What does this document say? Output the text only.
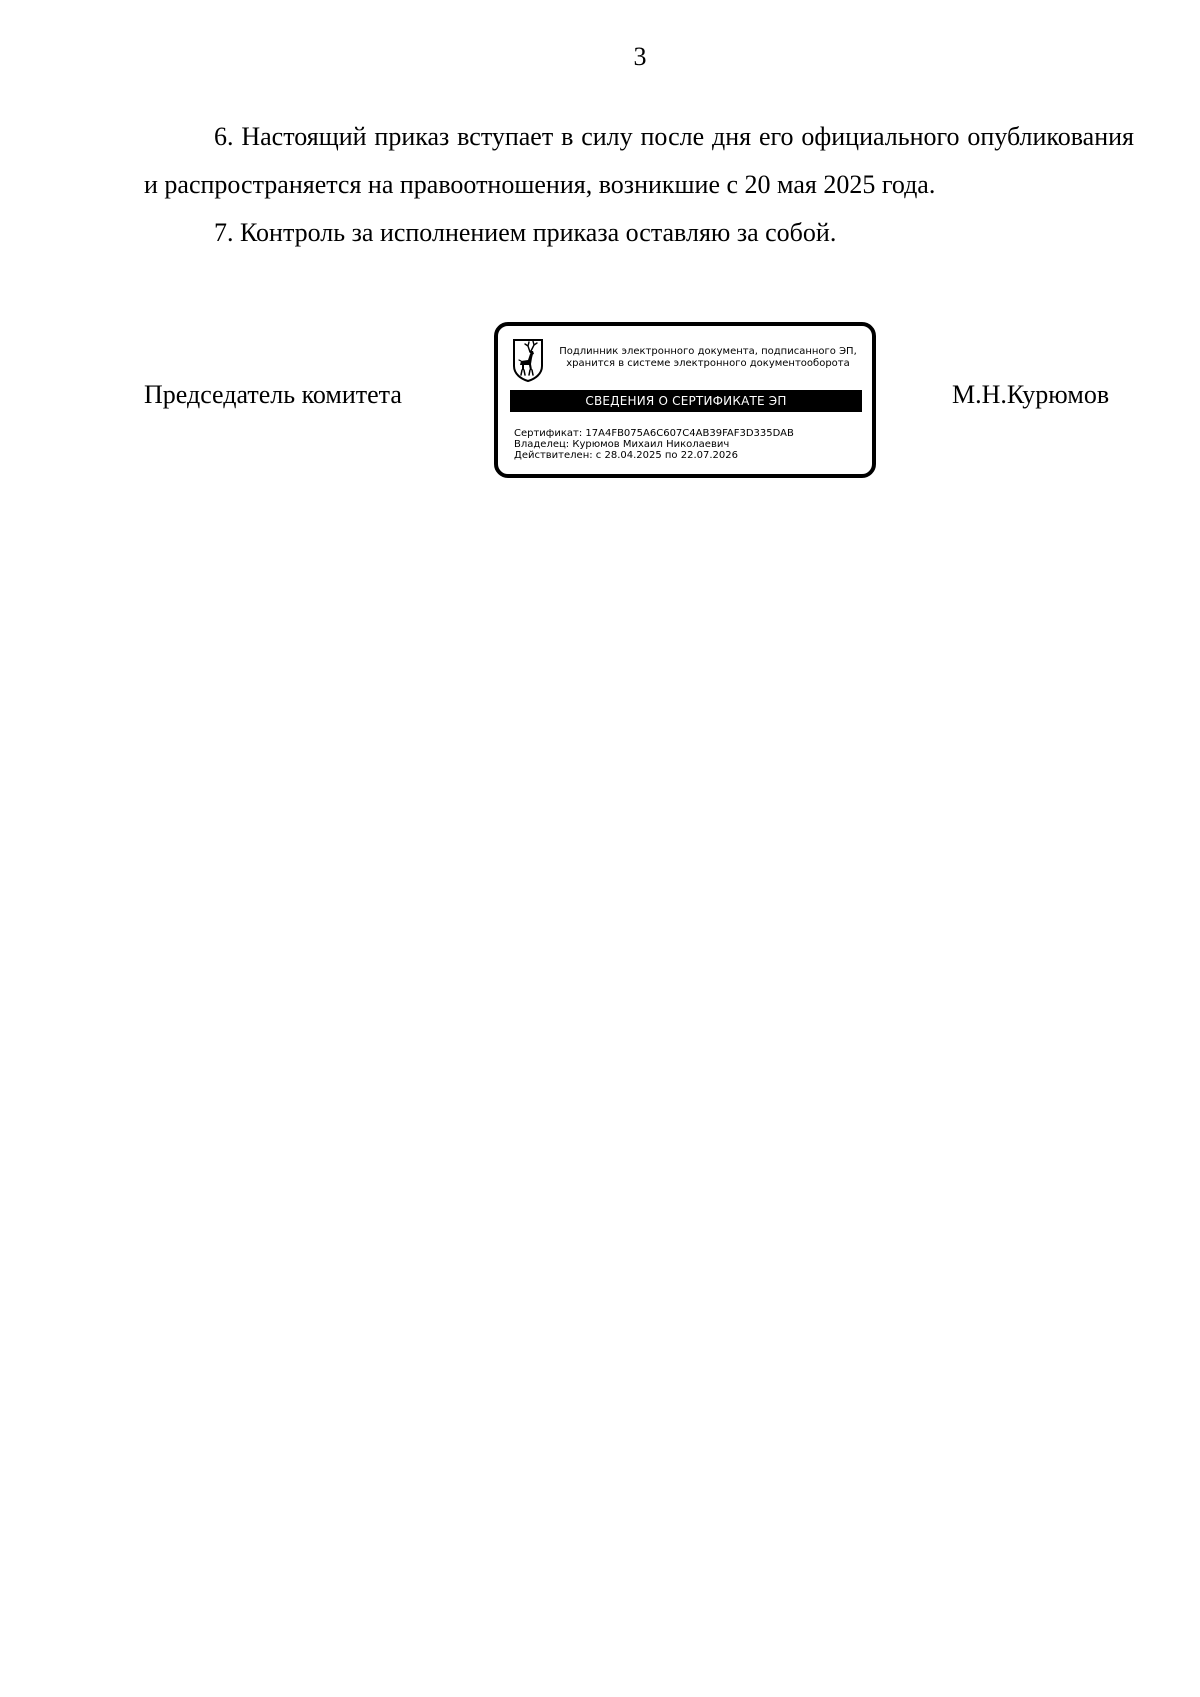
3

6. Настоящий приказ вступает в силу после дня его официального опубликования и распространяется на правоотношения, возникшие с 20 мая 2025 года.

7. Контроль за исполнением приказа оставляю за собой.

Председатель комитета
Подлинник электронного документа, подписанного ЭП,
хранится в системе электронного документооборота
СВЕДЕНИЯ О СЕРТИФИКАТЕ ЭП
Сертификат: 17A4FB075A6C607C4AB39FAF3D335DAB
Владелец: Курюмов Михаил Николаевич
Действителен: с 28.04.2025 по 22.07.2026
М.Н.Курюмов
